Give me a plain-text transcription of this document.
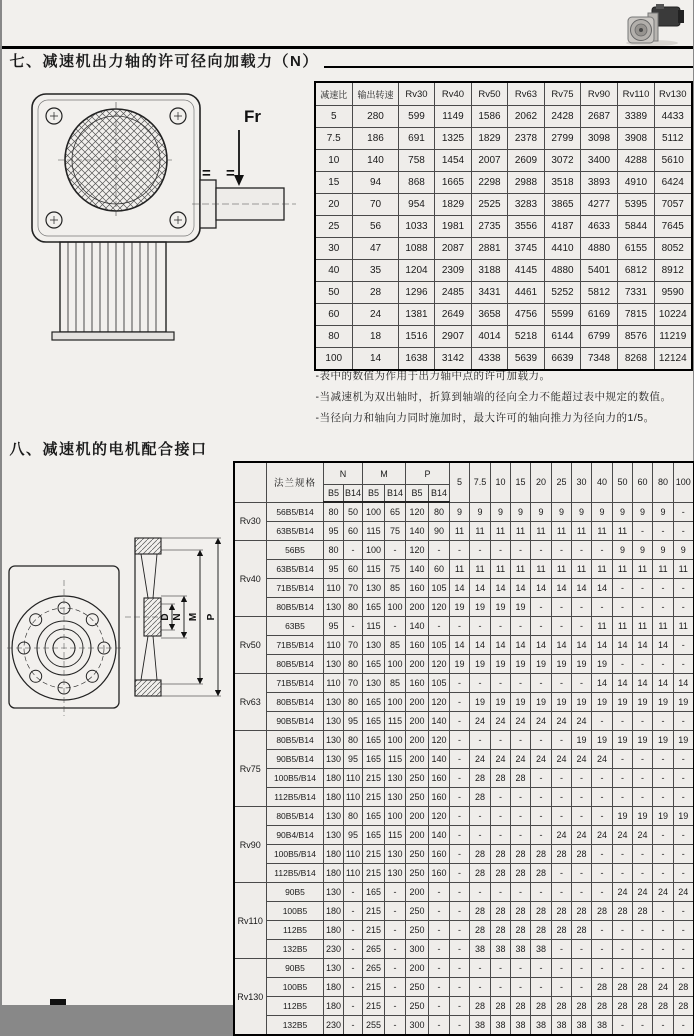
七、减速机出力轴的许可径向加载力（N）
Fr
= =
减速比	输出转速	Rv30	Rv40	Rv50	Rv63	Rv75	Rv90	Rv110	Rv130
5	280	599	1149	1586	2062	2428	2687	3389	4433
7.5	186	691	1325	1829	2378	2799	3098	3908	5112
10	140	758	1454	2007	2609	3072	3400	4288	5610
15	94	868	1665	2298	2988	3518	3893	4910	6424
20	70	954	1829	2525	3283	3865	4277	5395	7057
25	56	1033	1981	2735	3556	4187	4633	5844	7645
30	47	1088	2087	2881	3745	4410	4880	6155	8052
40	35	1204	2309	3188	4145	4880	5401	6812	8912
50	28	1296	2485	3431	4461	5252	5812	7331	9590
60	24	1381	2649	3658	4756	5599	6169	7815	10224
80	18	1516	2907	4014	5218	6144	6799	8576	11219
100	14	1638	3142	4338	5639	6639	7348	8268	12124
-表中的数值为作用于出力轴中点的许可加载力。
-当减速机为双出轴时，折算到轴端的径向全力不能超过表中规定的数值。
-当径向力和轴向力同时施加时，最大许可的轴向推力为径向力的1/5。
八、减速机的电机配合接口
D N M P
	法兰规格	N		M		P		5	7.5	10	15	20	25	30	40	50	60	80	100
		B5	B14	B5	B14	B5	B14												
Rv30	56B5/B14	80	50	100	65	120	80	9	9	9	9	9	9	9	9	9	9	9	-
	63B5/B14	95	60	115	75	140	90	11	11	11	11	11	11	11	11	11	-	-	-
Rv40	56B5	80	-	100	-	120	-	-	-	-	-	-	-	-	-	9	9	9	9
	63B5/B14	95	60	115	75	140	60	11	11	11	11	11	11	11	11	11	11	11	11
	71B5/B14	110	70	130	85	160	105	14	14	14	14	14	14	14	14	-	-	-	-
	80B5/B14	130	80	165	100	200	120	19	19	19	19	-	-	-	-	-	-	-	-
Rv50	63B5	95	-	115	-	140	-	-	-	-	-	-	-	-	11	11	11	11	11
	71B5/B14	110	70	130	85	160	105	14	14	14	14	14	14	14	14	14	14	14	-
	80B5/B14	130	80	165	100	200	120	19	19	19	19	19	19	19	19	-	-	-	-
Rv63	71B5/B14	110	70	130	85	160	105	-	-	-	-	-	-	-	14	14	14	14	14
	80B5/B14	130	80	165	100	200	120	-	19	19	19	19	19	19	19	19	19	19	19
	90B5/B14	130	95	165	115	200	140	-	24	24	24	24	24	24	-	-	-	-	-
Rv75	80B5/B14	130	80	165	100	200	120	-	-	-	-	-	-	19	19	19	19	19	19
	90B5/B14	130	95	165	115	200	140	-	24	24	24	24	24	24	24	-	-	-	-
	100B5/B14	180	110	215	130	250	160	-	28	28	28	-	-	-	-	-	-	-	-
	112B5/B14	180	110	215	130	250	160	-	28	-	-	-	-	-	-	-	-	-	-
Rv90	80B5/B14	130	80	165	100	200	120	-	-	-	-	-	-	-	-	19	19	19	19
	90B4/B14	130	95	165	115	200	140	-	-	-	-	-	24	24	24	24	24	-	-
	100B5/B14	180	110	215	130	250	160	-	28	28	28	28	28	28	-	-	-	-	-
	112B5/B14	180	110	215	130	250	160	-	28	28	28	28	-	-	-	-	-	-	-
Rv110	90B5	130	-	165	-	200	-	-	-	-	-	-	-	-	-	24	24	24	24
	100B5	180	-	215	-	250	-	-	28	28	28	28	28	28	28	28	28	-	-
	112B5	180	-	215	-	250	-	-	28	28	28	28	28	28	-	-	-	-	-
	132B5	230	-	265	-	300	-	-	38	38	38	38	-	-	-	-	-	-	-
Rv130	90B5	130	-	265	-	200	-	-	-	-	-	-	-	-	-	-	-	-	-
	100B5	180	-	215	-	250	-	-	-	-	-	-	-	-	28	28	28	24	28
	112B5	180	-	215	-	250	-	-	28	28	28	28	28	28	28	28	28	28	28
	132B5	230	-	255	-	300	-	-	38	38	38	38	38	38	38	-	-	-	-
